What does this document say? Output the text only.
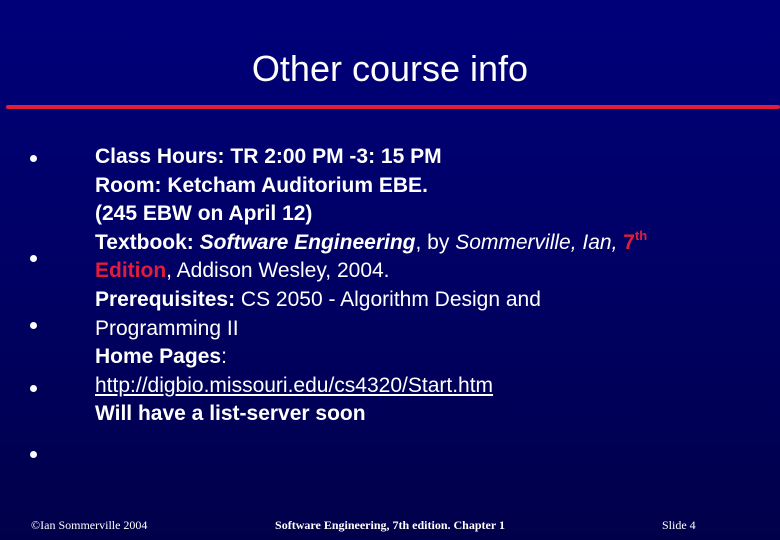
Other course info
Class Hours: TR 2:00 PM -3: 15 PM
Room: Ketcham Auditorium EBE.
(245 EBW on April 12)
Textbook: Software Engineering, by Sommerville, Ian, 7th
Edition, Addison Wesley, 2004.
Prerequisites: CS 2050 - Algorithm Design and
Programming II
Home Pages:
http://digbio.missouri.edu/cs4320/Start.htm
Will have a list-server soon
©Ian Sommerville 2004	Software Engineering, 7th edition. Chapter 1	Slide 4
